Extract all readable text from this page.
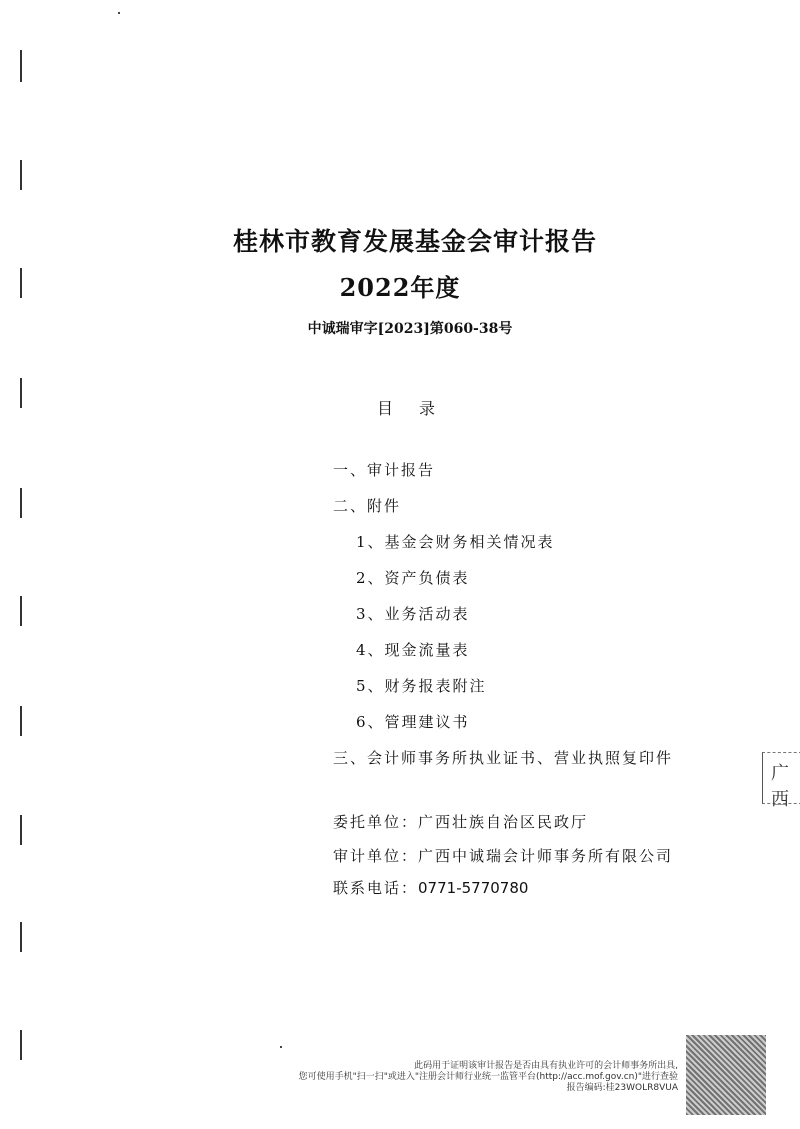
桂林市教育发展基金会审计报告
2022年度
中诚瑞审字[2023]第060-38号
目录
一、审计报告
二、附件
1、基金会财务相关情况表
2、资产负债表
3、业务活动表
4、现金流量表
5、财务报表附注
6、管理建议书
三、会计师事务所执业证书、营业执照复印件
委托单位：广西壮族自治区民政厅
审计单位：广西中诚瑞会计师事务所有限公司
联系电话：0771-5770780
广西
此码用于证明该审计报告是否由具有执业许可的会计师事务所出具,
您可使用手机"扫一扫"或进入"注册会计师行业统一监管平台(http://acc.mof.gov.cn)"进行查验
报告编码:桂23WOLR8VUA
